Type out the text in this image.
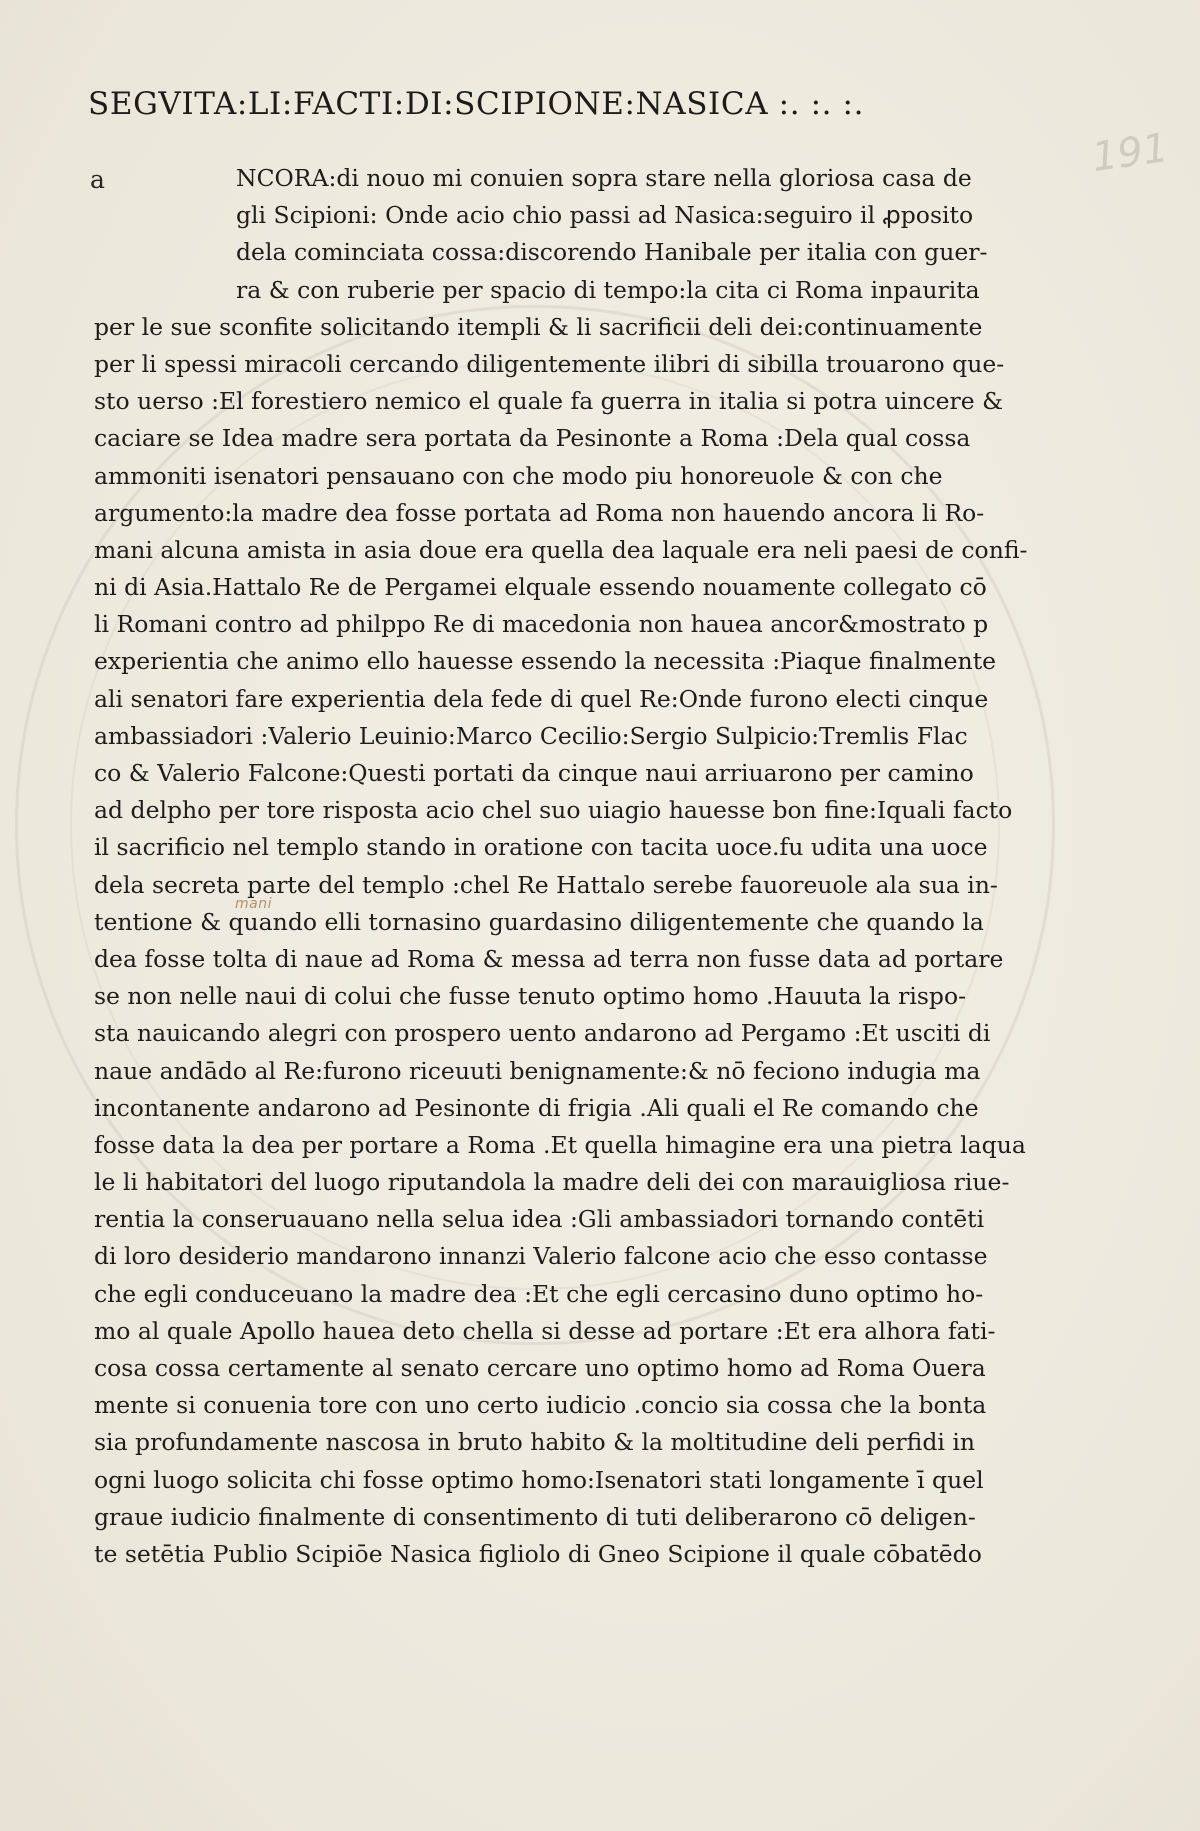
SEGVITA:LI:FACTI:DI:SCIPIONE:NASICA :. :. :.
191
a	NCORA:di nouo mi conuien sopra stare nella gloriosa casa de
gli Scipioni: Onde acio chio passi ad Nasica:seguiro il ꝓposito
dela cominciata cossa:discorendo Hanibale per italia con guer-
ra & con ruberie per spacio di tempo:la cita ci Roma inpaurita
per le sue sconfite solicitando itempli & li sacrificii deli dei:continuamente
per li spessi miracoli cercando diligentemente ilibri di sibilla trouarono que-
sto uerso :El forestiero nemico el quale fa guerra in italia si potra uincere &
caciare se Idea madre sera portata da Pesinonte a Roma :Dela qual cossa
ammoniti isenatori pensauano con che modo piu honoreuole & con che
argumento:la madre dea fosse portata ad Roma non hauendo ancora li Ro-
mani alcuna amista in asia doue era quella dea laquale era neli paesi de confi-
ni di Asia.Hattalo Re de Pergamei elquale essendo nouamente collegato cō
li Romani contro ad philppo Re di macedonia non hauea ancor&mostrato p
experientia che animo ello hauesse essendo la necessita :Piaque finalmente
ali senatori fare experientia dela fede di quel Re:Onde furono electi cinque
ambassiadori :Valerio Leuinio:Marco Cecilio:Sergio Sulpicio:Tremlis Flac
co & Valerio Falcone:Questi portati da cinque naui arriuarono per camino
ad delpho per tore risposta acio chel suo uiagio hauesse bon fine:Iquali facto
il sacrificio nel templo stando in oratione con tacita uoce.fu udita una uoce
dela secreta parte del templo :chel Re Hattalo serebe fauoreuole ala sua in-
tentione & quando elli tornasino guardasino diligentemente che quando la
dea fosse tolta di naue ad Roma & messa ad terra non fusse data ad portare
se non nelle naui di colui che fusse tenuto optimo homo .Hauuta la rispo-
sta nauicando alegri con prospero uento andarono ad Pergamo :Et usciti di
naue andādo al Re:furono riceuuti benignamente:& nō feciono indugia ma
incontanente andarono ad Pesinonte di frigia .Ali quali el Re comando che
fosse data la dea per portare a Roma .Et quella himagine era una pietra laqua
le li habitatori del luogo riputandola la madre deli dei con marauigliosa riue-
rentia la conseruauano nella selua idea :Gli ambassiadori tornando contēti
di loro desiderio mandarono innanzi Valerio falcone acio che esso contasse
che egli conduceuano la madre dea :Et che egli cercasino duno optimo ho-
mo al quale Apollo hauea deto chella si desse ad portare :Et era alhora fati-
cosa cossa certamente al senato cercare uno optimo homo ad Roma Ouera
mente si conuenia tore con uno certo iudicio .concio sia cossa che la bonta
sia profundamente nascosa in bruto habito & la moltitudine deli perfidi in
ogni luogo solicita chi fosse optimo homo:Isenatori stati longamente ī quel
graue iudicio finalmente di consentimento di tuti deliberarono cō deligen-
te setētia Publio Scipiōe Nasica figliolo di Gneo Scipione il quale cōbatēdo
mani
